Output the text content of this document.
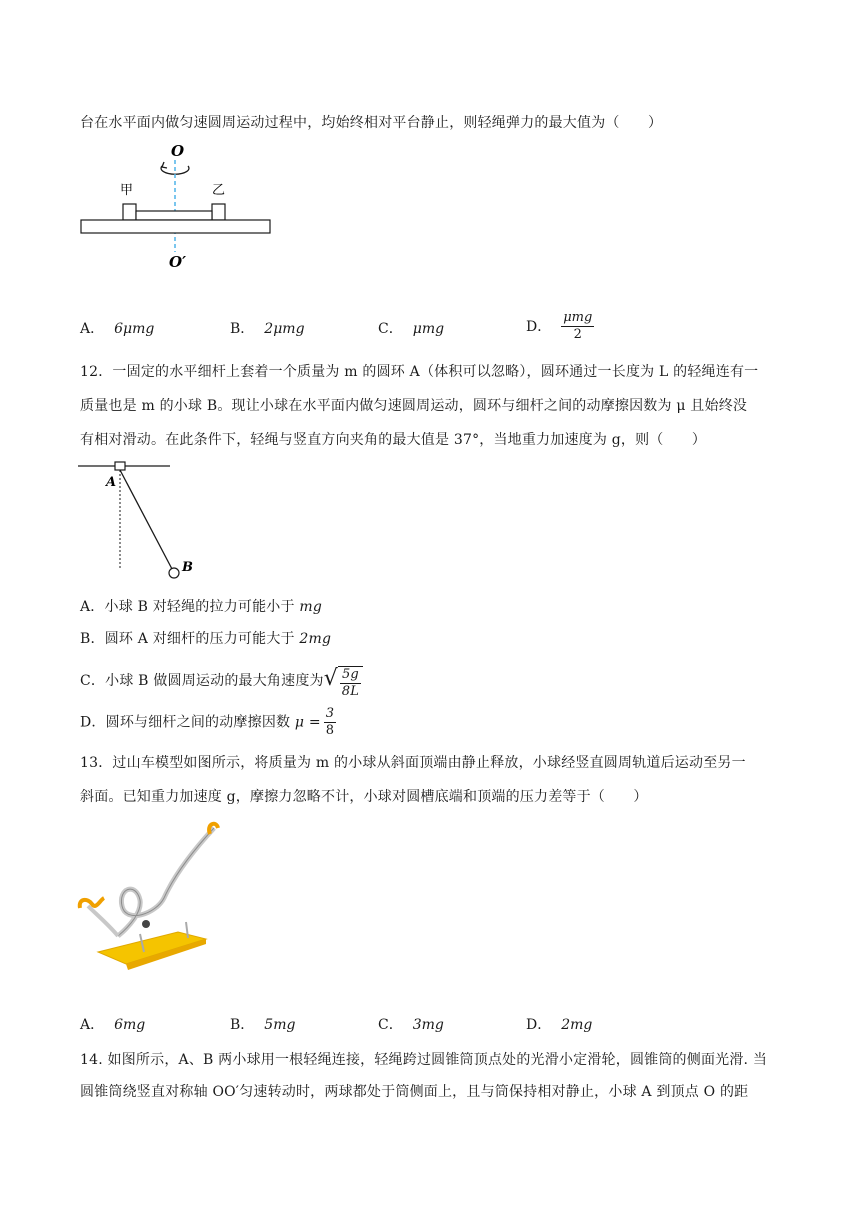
台在水平面内做匀速圆周运动过程中，均始终相对平台静止，则轻绳弹力的最大值为（　　）
O
甲	乙
O′
A． 6μmg	B． 2μmg	C． μmg	D． $\frac{\text{μmg}}{2}$
12．一固定的水平细杆上套着一个质量为 m 的圆环 A（体积可以忽略），圆环通过一长度为 L 的轻绳连有一
质量也是 m 的小球 B。现让小球在水平面内做匀速圆周运动，圆环与细杆之间的动摩擦因数为 μ 且始终没
有相对滑动。在此条件下，轻绳与竖直方向夹角的最大值是 37°，当地重力加速度为 g，则（　　）
A
B
A．小球 B 对轻绳的拉力可能小于 mg
B．圆环 A 对细杆的压力可能大于 2mg
C．小球 B 做圆周运动的最大角速度为 √ $\frac{5g}{8L}$
D．圆环与细杆之间的动摩擦因数 $\mu = \frac{3}{8}$
13．过山车模型如图所示，将质量为 m 的小球从斜面顶端由静止释放，小球经竖直圆周轨道后运动至另一
斜面。已知重力加速度 g，摩擦力忽略不计，小球对圆槽底端和顶端的压力差等于（　　）
A． 6mg	B． 5mg	C． 3mg	D． 2mg
14. 如图所示，A、B 两小球用一根轻绳连接，轻绳跨过圆锥筒顶点处的光滑小定滑轮，圆锥筒的侧面光滑. 当
圆锥筒绕竖直对称轴 OO′匀速转动时，两球都处于筒侧面上，且与筒保持相对静止，小球 A 到顶点 O 的距
